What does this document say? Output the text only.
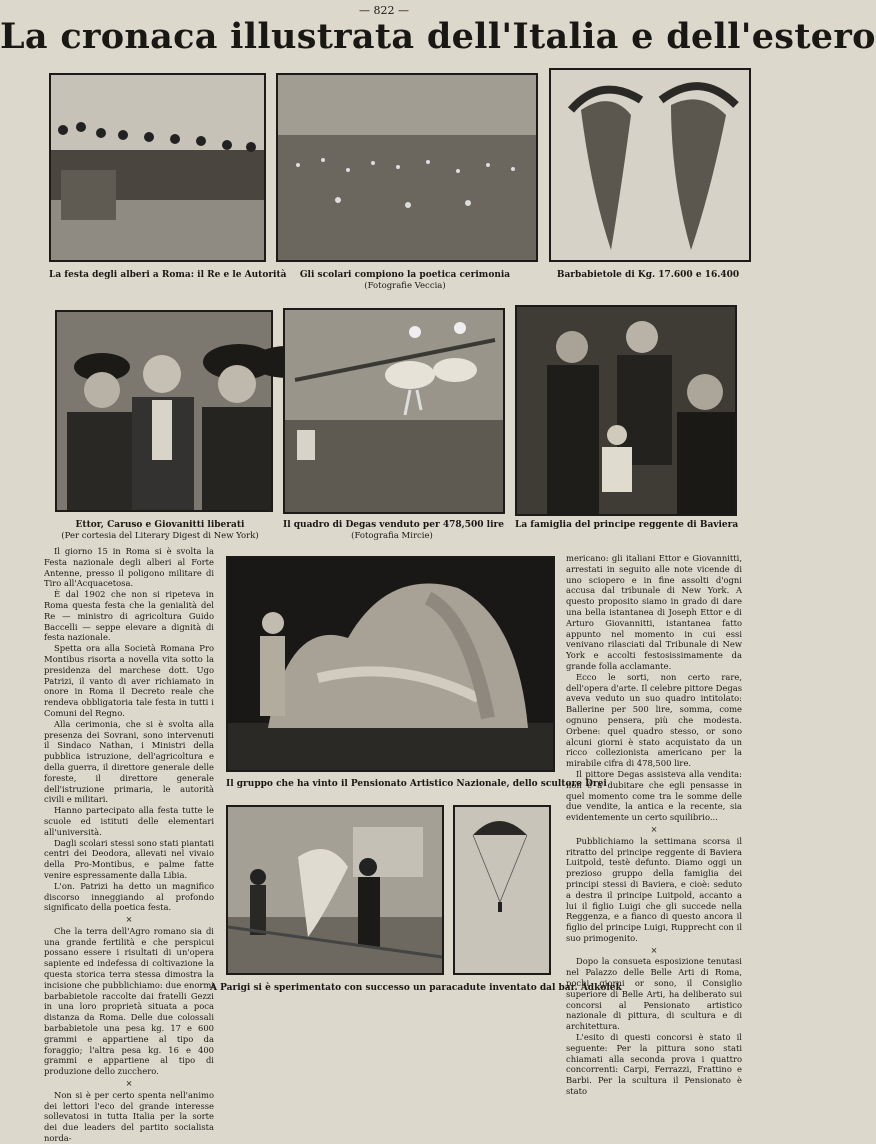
— 822 —
La cronaca illustrata dell'Italia e dell'estero
La festa degli alberi a Roma: il Re e le Autorità	Gli scolari compiono la poetica cerimonia
(Fotografie Veccia)
Barbabietole di Kg. 17.600 e 16.400
Ettor, Caruso e Giovanitti liberati
(Per cortesia del Literary Digest di New York)
Il quadro di Degas venduto per 478,500 lire
(Fotografia Mircie)
La famiglia del principe reggente di Baviera
Il gruppo che ha vinto il Pensionato Artistico Nazionale, dello scultore Drei
A Parigi si è sperimentato con successo un paracadute inventato dal bar. Adkolek

Il giorno 15 in Roma si è svolta la Festa nazionale degli alberi al Forte Antenne, presso il poligono militare di Tiro all'Acquacetosa.

È dal 1902 che non si ripeteva in Roma questa festa che la genialità del Re — ministro di agricoltura Guido Baccelli — seppe elevare a dignità di festa nazionale.

Spetta ora alla Società Romana Pro Montibus risorta a novella vita sotto la presidenza del marchese dott. Ugo Patrizi, il vanto di aver richiamato in onore in Roma il Decreto reale che rendeva obbligatoria tale festa in tutti i Comuni del Regno.

Alla cerimonia, che si è svolta alla presenza dei Sovrani, sono intervenuti il Sindaco Nathan, i Ministri della pubblica istruzione, dell'agricoltura e della guerra, il direttore generale delle foreste, il direttore generale dell'istruzione primaria, le autorità civili e militari.

Hanno partecipato alla festa tutte le scuole ed istituti delle elementari all'università.

Dagli scolari stessi sono stati piantati centri dei Deodora, allevati nel vivaio della Pro-Montibus, e palme fatte venire espressamente dalla Libia.

L'on. Patrizi ha detto un magnifico discorso inneggiando al profondo significato della poetica festa.

×

Che la terra dell'Agro romano sia di una grande fertilità e che perspicui possano essere i risultati di un'opera sapiente ed indefessa di coltivazione la questa storica terra stessa dimostra la incisione che pubblichiamo: due enormi barbabietole raccolte dai fratelli Gezzi in una loro proprietà situata a poca distanza da Roma. Delle due colossali barbabietole una pesa kg. 17 e 600 grammi e appartiene al tipo da foraggio; l'altra pesa kg. 16 e 400 grammi e appartiene al tipo di produzione dello zucchero.

×

Non si è per certo spenta nell'animo dei lettori l'eco del grande interesse sollevatosi in tutta Italia per la sorte dei due leaders del partito socialista norda-

mericano: gli italiani Ettor e Giovannitti, arrestati in seguito alle note vicende di uno sciopero e in fine assolti d'ogni accusa dal tribunale di New York. A questo proposito siamo in grado di dare una bella istantanea di Joseph Ettor e di Arturo Giovannitti, istantanea fatto appunto nel momento in cui essi venivano rilasciati dal Tribunale di New York e accolti festosissimamente da grande folla acclamante.

Ecco le sorti, non certo rare, dell'opera d'arte. Il celebre pittore Degas aveva veduto un suo quadro intitolato: Ballerine per 500 lire, somma, come ognuno pensera, più che modesta. Orbene: quel quadro stesso, or sono alcuni giorni è stato acquistato da un ricco collezionista americano per la mirabile cifra di 478,500 lire.

Il pittore Degas assisteva alla vendita: non è a dubitare che egli pensasse in quel momento come tra le somme delle due vendite, la antica e la recente, sia evidentemente un certo squilibrio...

×

Pubblichiamo la settimana scorsa il ritratto del principe reggente di Baviera Luitpold, testè defunto. Diamo oggi un prezioso gruppo della famiglia dei principi stessi di Baviera, e cioè: seduto a destra il principe Luitpold, accanto a lui il figlio Luigi che gli succede nella Reggenza, e a fianco di questo ancora il figlio del principe Luigi, Rupprecht con il suo primogenito.

×

Dopo la consueta esposizione tenutasi nel Palazzo delle Belle Arti di Roma, pochi giorni or sono, il Consiglio superiore di Belle Arti, ha deliberato sui concorsi al Pensionato artistico nazionale di pittura, di scultura e di architettura.

L'esito di questi concorsi è stato il seguente: Per la pittura sono stati chiamati alla seconda prova i quattro concorrenti: Carpi, Ferrazzi, Frattino e Barbi. Per la scultura il Pensionato è stato
